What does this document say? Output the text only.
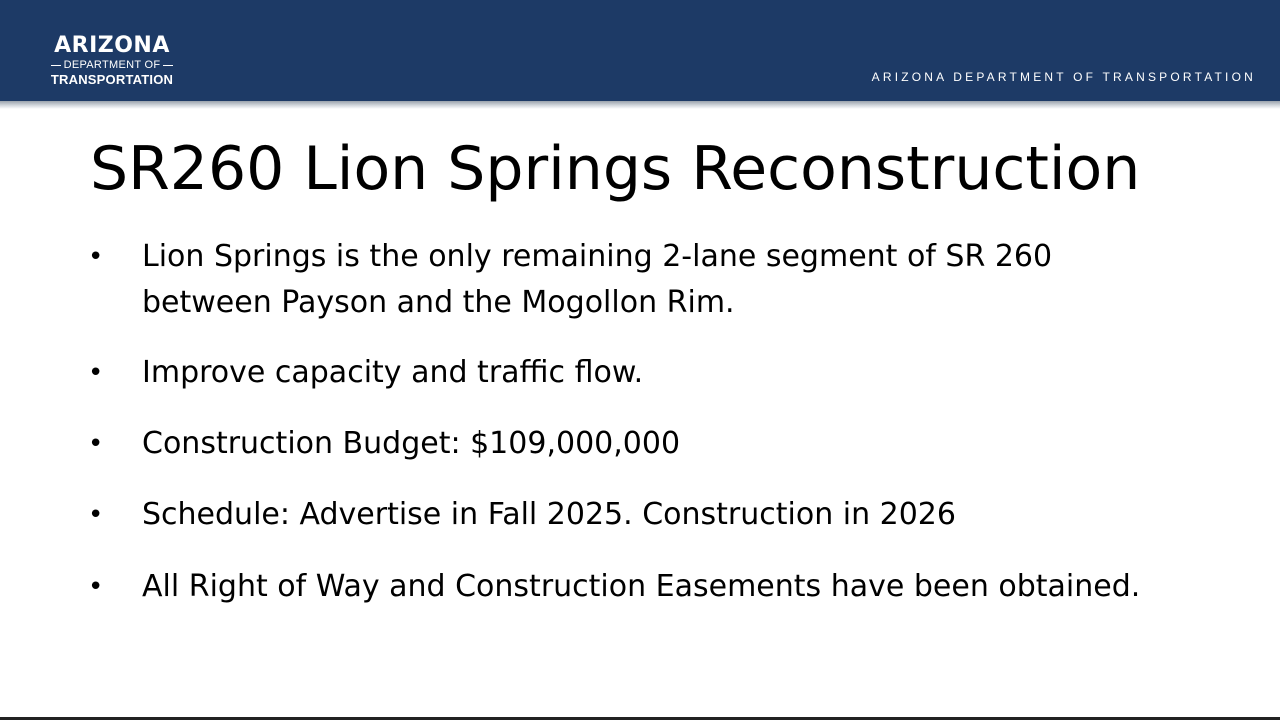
ARIZONA
DEPARTMENT OF
TRANSPORTATION	ARIZONA DEPARTMENT OF TRANSPORTATION
SR260 Lion Springs Reconstruction
•	Lion Springs is the only remaining 2-lane segment of SR 260
between Payson and the Mogollon Rim.
•	Improve capacity and traffic flow.
•	Construction Budget: $109,000,000
•	Schedule: Advertise in Fall 2025. Construction in 2026
•	All Right of Way and Construction Easements have been obtained.
